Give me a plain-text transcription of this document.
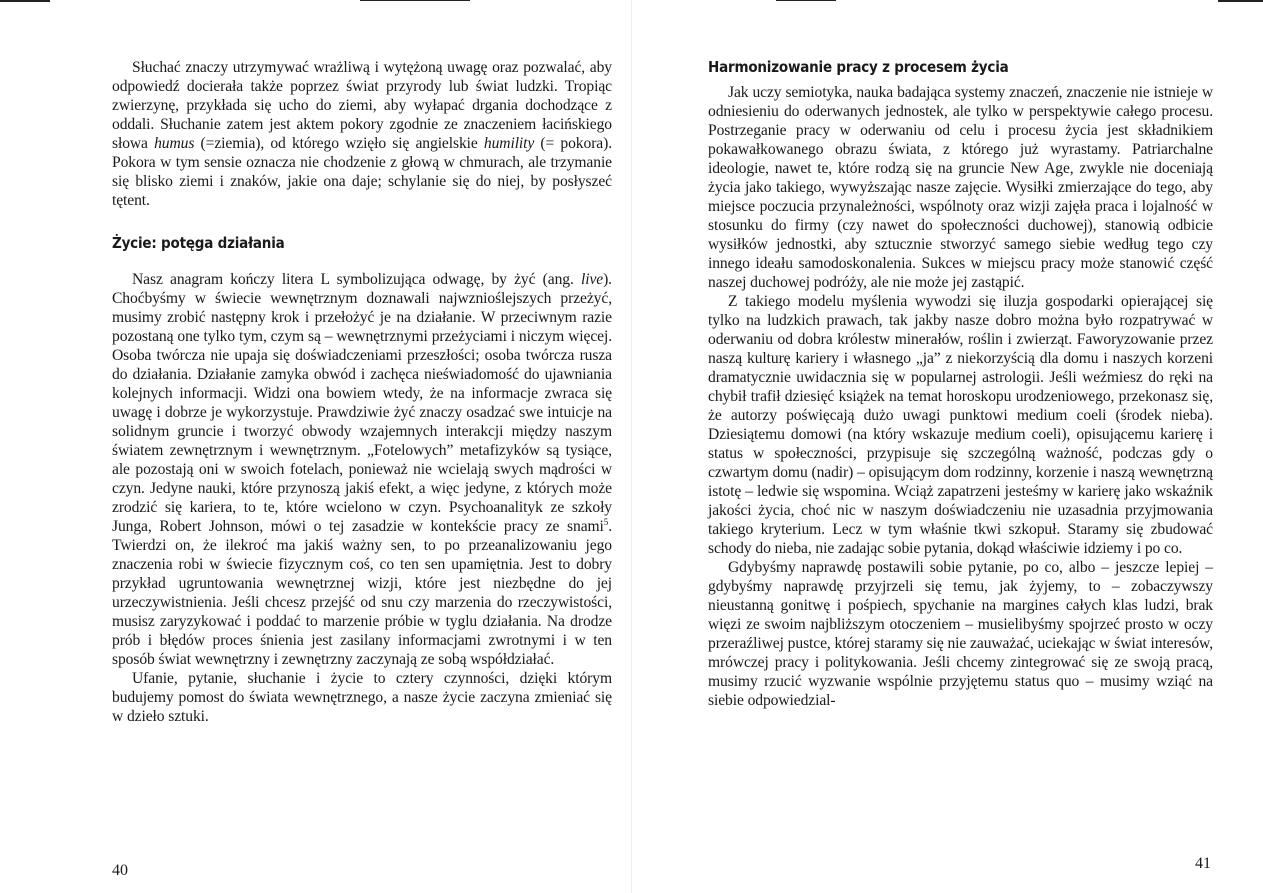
Słuchać znaczy utrzymywać wrażliwą i wytężoną uwagę oraz pozwalać, aby odpowiedź docierała także poprzez świat przyrody lub świat ludzki. Tropiąc zwierzynę, przykłada się ucho do ziemi, aby wyłapać drgania dochodzące z oddali. Słuchanie zatem jest aktem pokory zgodnie ze znaczeniem łacińskiego słowa humus (=ziemia), od którego wzięło się angielskie humility (= pokora). Pokora w tym sensie oznacza nie chodzenie z głową w chmurach, ale trzymanie się blisko ziemi i znaków, jakie ona daje; schylanie się do niej, by posłyszeć tętent.

Życie: potęga działania

Nasz anagram kończy litera L symbolizująca odwagę, by żyć (ang. live). Choćbyśmy w świecie wewnętrznym doznawali najwznioślejszych przeżyć, musimy zrobić następny krok i przełożyć je na działanie. W przeciwnym razie pozostaną one tylko tym, czym są – wewnętrznymi przeżyciami i niczym więcej. Osoba twórcza nie upaja się doświadczeniami przeszłości; osoba twórcza rusza do działania. Działanie zamyka obwód i zachęca nieświadomość do ujawniania kolejnych informacji. Widzi ona bowiem wtedy, że na informacje zwraca się uwagę i dobrze je wykorzystuje. Prawdziwie żyć znaczy osadzać swe intuicje na solidnym gruncie i tworzyć obwody wzajemnych interakcji między naszym światem zewnętrznym i wewnętrznym. „Fotelowych” metafizyków są tysiące, ale pozostają oni w swoich fotelach, ponieważ nie wcielają swych mądrości w czyn. Jedyne nauki, które przynoszą jakiś efekt, a więc jedyne, z których może zrodzić się kariera, to te, które wcielono w czyn. Psychoanalityk ze szkoły Junga, Robert Johnson, mówi o tej zasadzie w kontekście pracy ze snami$^5$. Twierdzi on, że ilekroć ma jakiś ważny sen, to po przeanalizowaniu jego znaczenia robi w świecie fizycznym coś, co ten sen upamiętnia. Jest to dobry przykład ugruntowania wewnętrznej wizji, które jest niezbędne do jej urzeczywistnienia. Jeśli chcesz przejść od snu czy marzenia do rzeczywistości, musisz zaryzykować i poddać to marzenie próbie w tyglu działania. Na drodze prób i błędów proces śnienia jest zasilany informacjami zwrotnymi i w ten sposób świat wewnętrzny i zewnętrzny zaczynają ze sobą współdziałać.

Ufanie, pytanie, słuchanie i życie to cztery czynności, dzięki którym budujemy pomost do świata wewnętrznego, a nasze życie zaczyna zmieniać się w dzieło sztuki.

40
Harmonizowanie pracy z procesem życia

Jak uczy semiotyka, nauka badająca systemy znaczeń, znaczenie nie istnieje w odniesieniu do oderwanych jednostek, ale tylko w perspektywie całego procesu. Postrzeganie pracy w oderwaniu od celu i procesu życia jest składnikiem pokawałkowanego obrazu świata, z którego już wyrastamy. Patriarchalne ideologie, nawet te, które rodzą się na gruncie New Age, zwykle nie doceniają życia jako takiego, wywyższając nasze zajęcie. Wysiłki zmierzające do tego, aby miejsce poczucia przynależności, wspólnoty oraz wizji zajęła praca i lojalność w stosunku do firmy (czy nawet do społeczności duchowej), stanowią odbicie wysiłków jednostki, aby sztucznie stworzyć samego siebie według tego czy innego ideału samodoskonalenia. Sukces w miejscu pracy może stanowić część naszej duchowej podróży, ale nie może jej zastąpić.

Z takiego modelu myślenia wywodzi się iluzja gospodarki opierającej się tylko na ludzkich prawach, tak jakby nasze dobro można było rozpatrywać w oderwaniu od dobra królestw minerałów, roślin i zwierząt. Faworyzowanie przez naszą kulturę kariery i własnego „ja” z niekorzyścią dla domu i naszych korzeni dramatycznie uwidacznia się w popularnej astrologii. Jeśli weźmiesz do ręki na chybił trafił dziesięć książek na temat horoskopu urodzeniowego, przekonasz się, że autorzy poświęcają dużo uwagi punktowi medium coeli (środek nieba). Dziesiątemu domowi (na który wskazuje medium coeli), opisującemu karierę i status w społeczności, przypisuje się szczególną ważność, podczas gdy o czwartym domu (nadir) – opisującym dom rodzinny, korzenie i naszą wewnętrzną istotę – ledwie się wspomina. Wciąż zapatrzeni jesteśmy w karierę jako wskaźnik jakości życia, choć nic w naszym doświadczeniu nie uzasadnia przyjmowania takiego kryterium. Lecz w tym właśnie tkwi szkopuł. Staramy się zbudować schody do nieba, nie zadając sobie pytania, dokąd właściwie idziemy i po co.

Gdybyśmy naprawdę postawili sobie pytanie, po co, albo – jeszcze lepiej – gdybyśmy naprawdę przyjrzeli się temu, jak żyjemy, to – zobaczywszy nieustanną gonitwę i pośpiech, spychanie na margines całych klas ludzi, brak więzi ze swoim najbliższym otoczeniem – musielibyśmy spojrzeć prosto w oczy przeraźliwej pustce, której staramy się nie zauważać, uciekając w świat interesów, mrówczej pracy i politykowania. Jeśli chcemy zintegrować się ze swoją pracą, musimy rzucić wyzwanie wspólnie przyjętemu status quo – musimy wziąć na siebie odpowiedzial-

41
